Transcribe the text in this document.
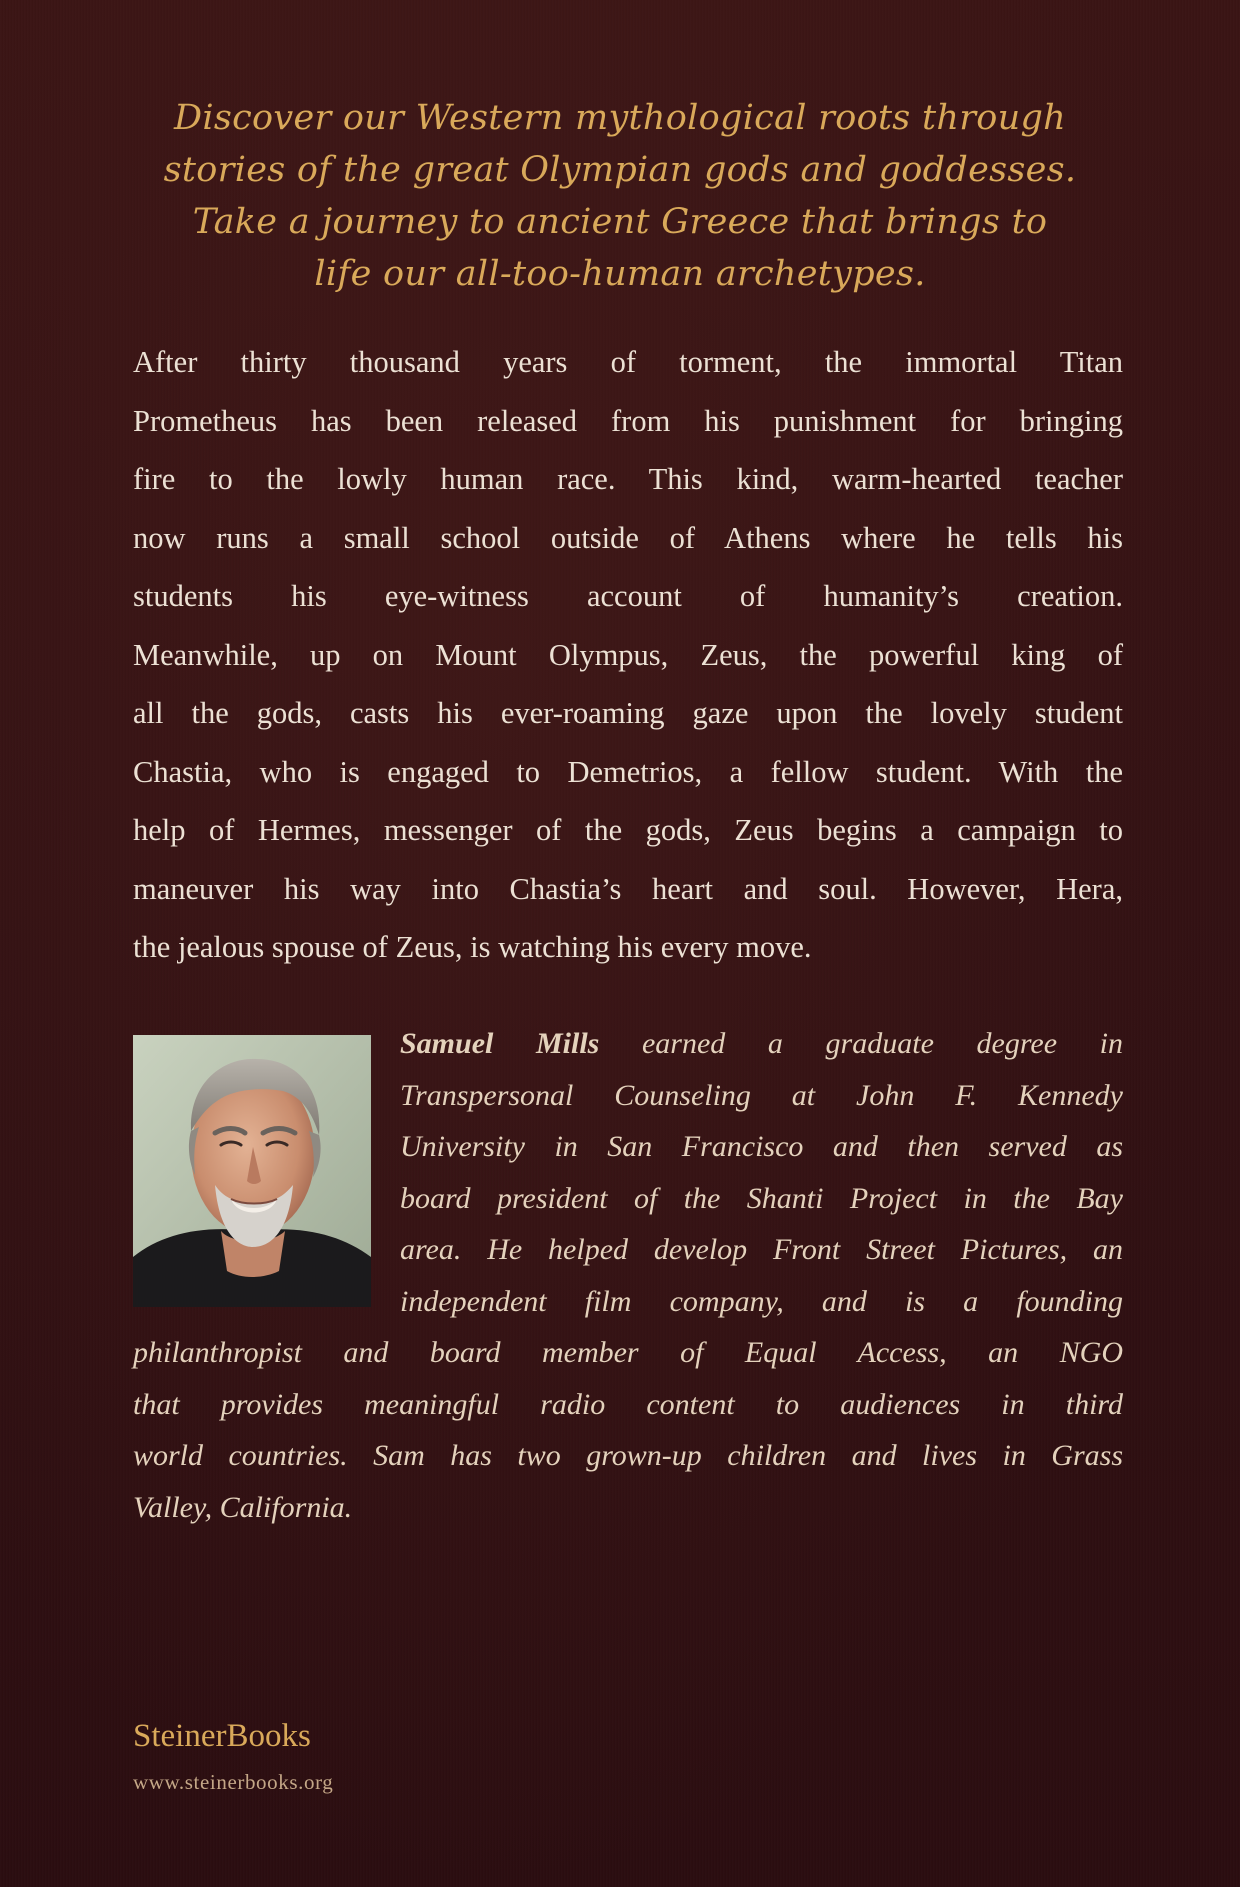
Discover our Western mythological roots through
stories of the great Olympian gods and goddesses.
Take a journey to ancient Greece that brings to
life our all-too-human archetypes.
After thirty thousand years of torment, the immortal Titan
Prometheus has been released from his punishment for bringing
fire to the lowly human race. This kind, warm-hearted teacher
now runs a small school outside of Athens where he tells his
students his eye-witness account of humanity’s creation.
Meanwhile, up on Mount Olympus, Zeus, the powerful king of
all the gods, casts his ever-roaming gaze upon the lovely student
Chastia, who is engaged to Demetrios, a fellow student. With the
help of Hermes, messenger of the gods, Zeus begins a campaign to
maneuver his way into Chastia’s heart and soul. However, Hera,
the jealous spouse of Zeus, is watching his every move.
Samuel Mills earned a graduate degree in
Transpersonal Counseling at John F. Kennedy
University in San Francisco and then served as
board president of the Shanti Project in the Bay
area. He helped develop Front Street Pictures, an
independent film company, and is a founding
philanthropist and board member of Equal Access, an NGO
that provides meaningful radio content to audiences in third
world countries. Sam has two grown-up children and lives in Grass
Valley, California.
SteinerBooks
www.steinerbooks.org
